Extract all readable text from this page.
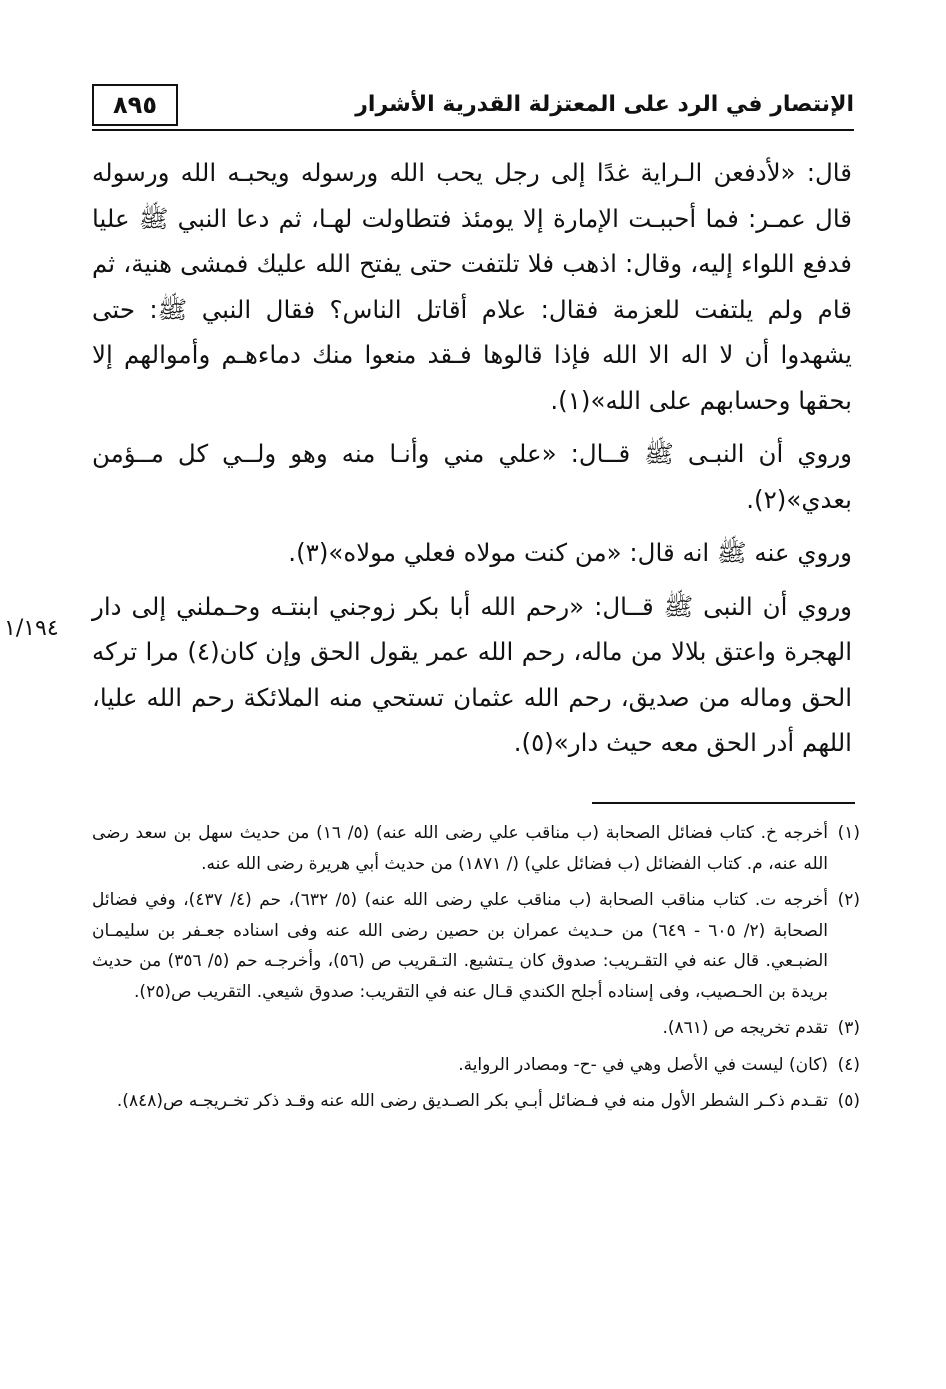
٨٩٥	الإنتصار في الرد على المعتزلة القدرية الأشرار
١/١٩٤

قال: «لأدفعن الـراية غدًا إلى رجل يحب الله ورسوله ويحبـه الله ورسوله قال عمـر: فما أحببـت الإمارة إلا يومئذ فتطاولت لهـا، ثم دعا النبي ﷺ عليا فدفع اللواء إليه، وقال: اذهب فلا تلتفت حتى يفتح الله عليك فمشى هنية، ثم قام ولم يلتفت للعزمة فقال: علام أقاتل الناس؟ فقال النبي ﷺ: حتى يشهدوا أن لا اله الا الله فإذا قالوها فـقد منعوا منك دماءهـم وأموالهم إلا بحقها وحسابهم على الله»(١).

وروي أن النبـى ﷺ قــال: «علي مني وأنـا منه وهو ولــي كل مــؤمن بعدي»(٢).

وروي عنه ﷺ انه قال: «من كنت مولاه فعلي مولاه»(٣).

وروي أن النبى ﷺ قــال: «رحم الله أبا بكر زوجني ابنتـه وحـملني إلى دار الهجرة واعتق بلالا من ماله، رحم الله عمر يقول الحق وإن كان(٤) مرا تركه الحق وماله من صديق، رحم الله عثمان تستحي منه الملائكة رحم الله عليا، اللهم أدر الحق معه حيث دار»(٥).

(١)
أخرجه خ. كتاب فضائل الصحابة (ب مناقب علي رضى الله عنه) (٥/ ١٦) من حديث سهل بن سعد رضى الله عنه، م. كتاب الفضائل (ب فضائل علي) (/ ١٨٧١) من حديث أبي هريرة رضى الله عنه.
(٢)
أخرجه ت. كتاب مناقب الصحابة (ب مناقب علي رضى الله عنه) (٥/ ٦٣٢)، حم (٤/ ٤٣٧)، وفي فضائل الصحابة (٢/ ٦٠٥ - ٦٤٩) من حـديث عمران بن حصين رضى الله عنه وفى اسناده جعـفر بن سليمـان الضبـعي. قال عنه في التقـريب: صدوق كان يـتشيع. التـقريب ص (٥٦)، وأخرجـه حم (٥/ ٣٥٦) من حديث بريدة بن الحـصيب، وفى إسناده أجلح الكندي قـال عنه في التقريب: صدوق شيعي. التقريب ص(٢٥).
(٣)
تقدم تخريجه ص (٨٦١).
(٤)
(كان) ليست في الأصل وهي في -ح- ومصادر الرواية.
(٥)
تقـدم ذكـر الشطر الأول منه في فـضائل أبـي بكر الصـديق رضى الله عنه وقـد ذكر تخـريجـه ص(٨٤٨).
